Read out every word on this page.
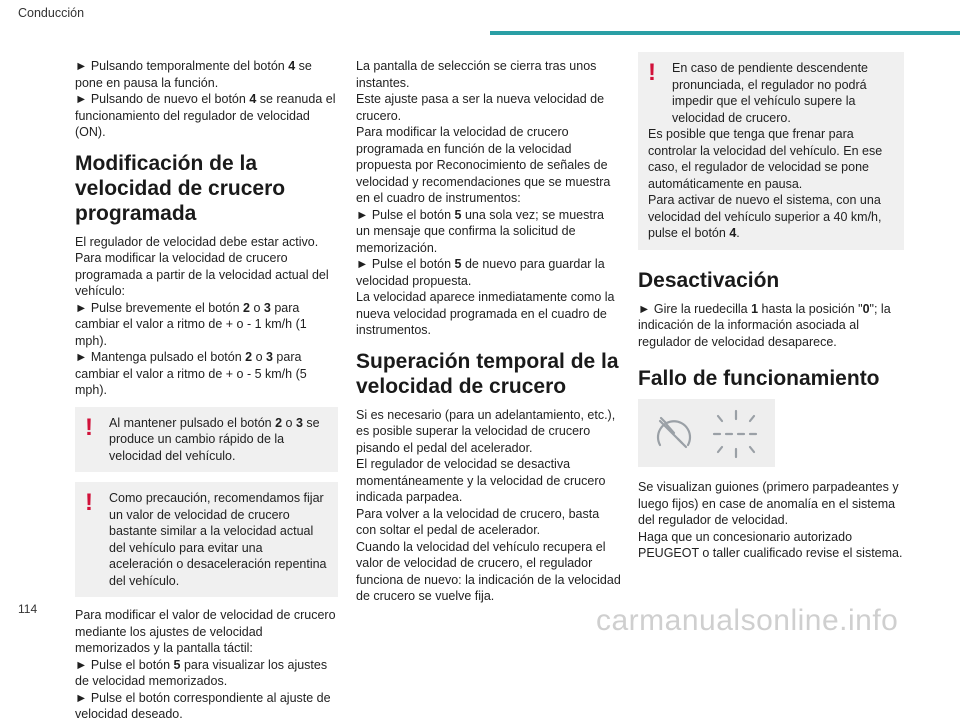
Conducción

► Pulsando temporalmente del botón 4 se pone en pausa la función.

► Pulsando de nuevo el botón 4 se reanuda el funcionamiento del regulador de velocidad (ON).

Modificación de la velocidad de crucero programada

El regulador de velocidad debe estar activo.

Para modificar la velocidad de crucero programada a partir de la velocidad actual del vehículo:

► Pulse brevemente el botón 2 o 3 para cambiar el valor a ritmo de + o - 1 km/h (1 mph).

► Mantenga pulsado el botón 2 o 3 para cambiar el valor a ritmo de + o - 5 km/h (5 mph).

!	Al mantener pulsado el botón 2 o 3 se produce un cambio rápido de la velocidad del vehículo.

!	Como precaución, recomendamos fijar un valor de velocidad de crucero bastante similar a la velocidad actual del vehículo para evitar una aceleración o desaceleración repentina del vehículo.

Para modificar el valor de velocidad de crucero mediante los ajustes de velocidad memorizados y la pantalla táctil:

► Pulse el botón 5 para visualizar los ajustes de velocidad memorizados.

► Pulse el botón correspondiente al ajuste de velocidad deseado.

La pantalla de selección se cierra tras unos instantes.

Este ajuste pasa a ser la nueva velocidad de crucero.

Para modificar la velocidad de crucero programada en función de la velocidad propuesta por Reconocimiento de señales de velocidad y recomendaciones que se muestra en el cuadro de instrumentos:

► Pulse el botón 5 una sola vez; se muestra un mensaje que confirma la solicitud de memorización.

► Pulse el botón 5 de nuevo para guardar la velocidad propuesta.

La velocidad aparece inmediatamente como la nueva velocidad programada en el cuadro de instrumentos.

Superación temporal de la velocidad de crucero

Si es necesario (para un adelantamiento, etc.), es posible superar la velocidad de crucero pisando el pedal del acelerador.

El regulador de velocidad se desactiva momentáneamente y la velocidad de crucero indicada parpadea.

Para volver a la velocidad de crucero, basta con soltar el pedal de acelerador.

Cuando la velocidad del vehículo recupera el valor de velocidad de crucero, el regulador funciona de nuevo: la indicación de la velocidad de crucero se vuelve fija.

!	En caso de pendiente descendente pronunciada, el regulador no podrá impedir que el vehículo supere la velocidad de crucero.

Es posible que tenga que frenar para controlar la velocidad del vehículo. En ese caso, el regulador de velocidad se pone automáticamente en pausa.

Para activar de nuevo el sistema, con una velocidad del vehículo superior a 40 km/h, pulse el botón 4.

Desactivación

► Gire la ruedecilla 1 hasta la posición "0"; la indicación de la información asociada al regulador de velocidad desaparece.

Fallo de funcionamiento

Se visualizan guiones (primero parpadeantes y luego fijos) en case de anomalía en el sistema del regulador de velocidad.

Haga que un concesionario autorizado PEUGEOT o taller cualificado revise el sistema.

114	carmanualsonline.info
